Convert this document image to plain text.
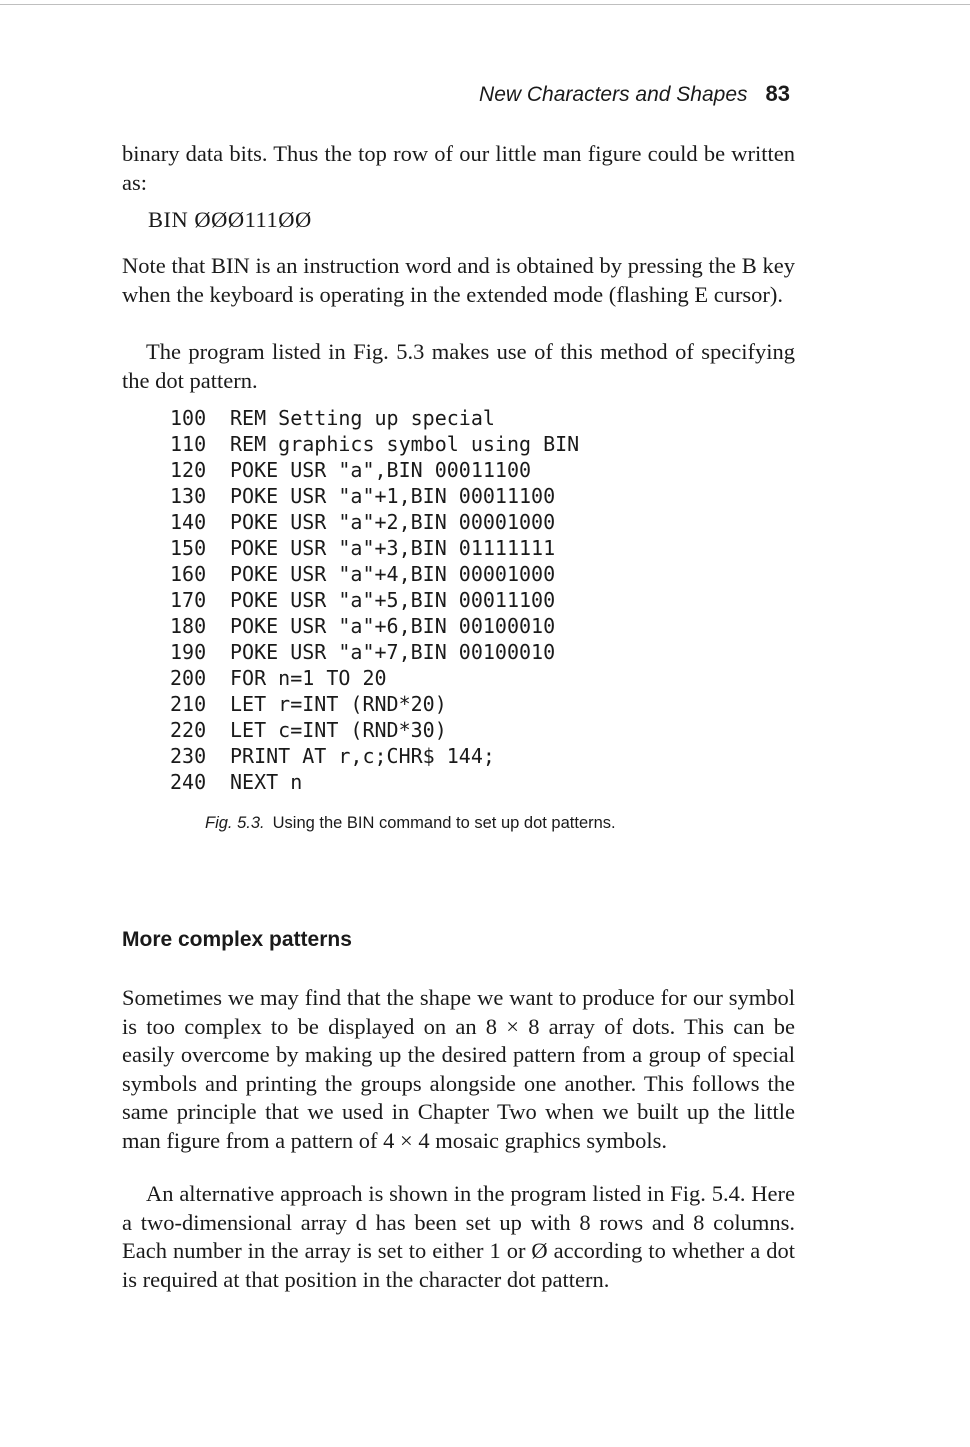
New Characters and Shapes 83

binary data bits. Thus the top row of our little man figure could be written as:

BIN ØØØ111ØØ

Note that BIN is an instruction word and is obtained by pressing the B key when the keyboard is operating in the extended mode (flashing E cursor).

The program listed in Fig. 5.3 makes use of this method of specifying the dot pattern.

100 REM Setting up special
110 REM graphics symbol using BIN
120 POKE USR "a",BIN 00011100
130 POKE USR "a"+1,BIN 00011100
140 POKE USR "a"+2,BIN 00001000
150 POKE USR "a"+3,BIN 01111111
160 POKE USR "a"+4,BIN 00001000
170 POKE USR "a"+5,BIN 00011100
180 POKE USR "a"+6,BIN 00100010
190 POKE USR "a"+7,BIN 00100010
200 FOR n=1 TO 20
210 LET r=INT (RND*20)
220 LET c=INT (RND*30)
230 PRINT AT r,c;CHR$ 144;
240 NEXT n
Fig. 5.3. Using the BIN command to set up dot patterns.
More complex patterns

Sometimes we may find that the shape we want to produce for our symbol is too complex to be displayed on an 8 × 8 array of dots. This can be easily overcome by making up the desired pattern from a group of special symbols and printing the groups alongside one another. This follows the same principle that we used in Chapter Two when we built up the little man figure from a pattern of 4 × 4 mosaic graphics symbols.

An alternative approach is shown in the program listed in Fig. 5.4. Here a two-dimensional array d has been set up with 8 rows and 8 columns. Each number in the array is set to either 1 or Ø according to whether a dot is required at that position in the character dot pattern.
